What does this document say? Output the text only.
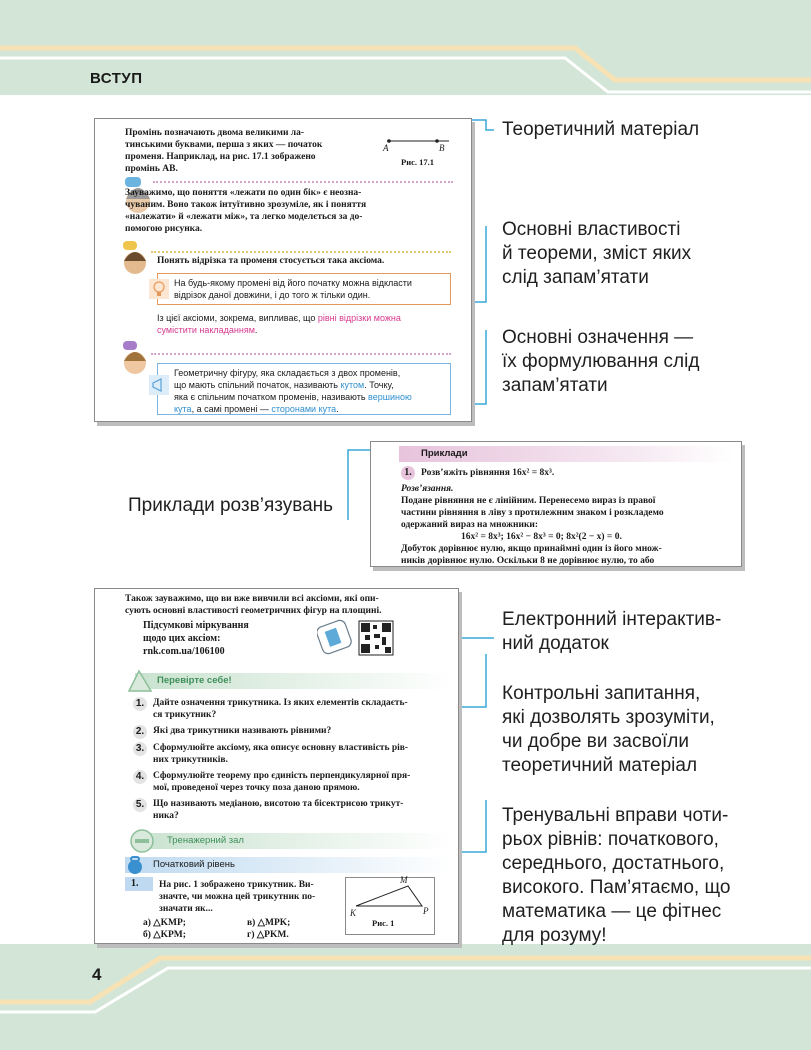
ВСТУП
4
Теоретичний матеріал
Основні властивості
й теореми, зміст яких
слід запам’ятати
Основні означення —
їх формулювання слід
запам’ятати
Приклади розв’язувань
Електронний інтерактив-
ний додаток
Контрольні запитання,
які дозволять зрозуміти,
чи добре ви засвоїли
теоретичний матеріал
Тренувальні вправи чоти-
рьох рівнів: початкового,
середнього, достатнього,
високого. Пам’ятаємо, що
математика — це фітнес
для розуму!
Промінь позначають двома великими ла-
тинськими буквами, перша з яких — початок
променя. Наприклад, на рис. 17.1 зображено
промінь AB.
A	B
Рис. 17.1
Зауважимо, що поняття «лежати по один бік» є неозна-
чуваним. Воно також інтуїтивно зрозуміле, як і поняття
«належати» й «лежати між», та легко моделється за до-
помогою рисунка.
Понять відрізка та променя стосується така аксіома.
На будь-якому промені від його початку можна відкласти
відрізок даної довжини, і до того ж тільки один.
Із цієї аксіоми, зокрема, випливає, що рівні відрізки можна
сумістити накладанням.
Геометричну фігуру, яка складається з двох променів,
що мають спільний початок, називають кутом. Точку,
яка є спільним початком променів, називають вершиною
кута, а самі промені — сторонами кута.
Приклади
1. Розв’яжіть рівняння 16x² = 8x³.
Розв’язання.
Подане рівняння не є лінійним. Перенесемо вираз із правої
частини рівняння в ліву з протилежним знаком і розкладемо
одержаний вираз на множники:
16x² = 8x³; 16x² − 8x³ = 0; 8x²(2 − x) = 0.
Добуток дорівнює нулю, якщо принаймні один із його множ-
ників дорівнює нулю. Оскільки 8 не дорівнює нулю, то або
Також зауважимо, що ви вже вивчили всі аксіоми, які опи-
сують основні властивості геометричних фігур на площині.
Підсумкові міркування
щодо цих аксіом:
rnk.com.ua/106100
Перевірте себе!
1. Дайте означення трикутника. Із яких елементів складаєть-
ся трикутник?
2. Які два трикутники називають рівними?
3. Сформулюйте аксіому, яка описує основну властивість рів-
них трикутників.
4. Сформулюйте теорему про єдиність перпендикулярної пря-
мої, проведеної через точку поза даною прямою.
5. Що називають медіаною, висотою та бісектрисою трикут-
ника?
Тренажерний зал
Початковий рівень
1. На рис. 1 зображено трикутник. Ви-
значте, чи можна цей трикутник по-
значати як...
а) △KMP;	в) △MPK;
б) △KPM;	г) △PKM.
K
M
P
Рис. 1
